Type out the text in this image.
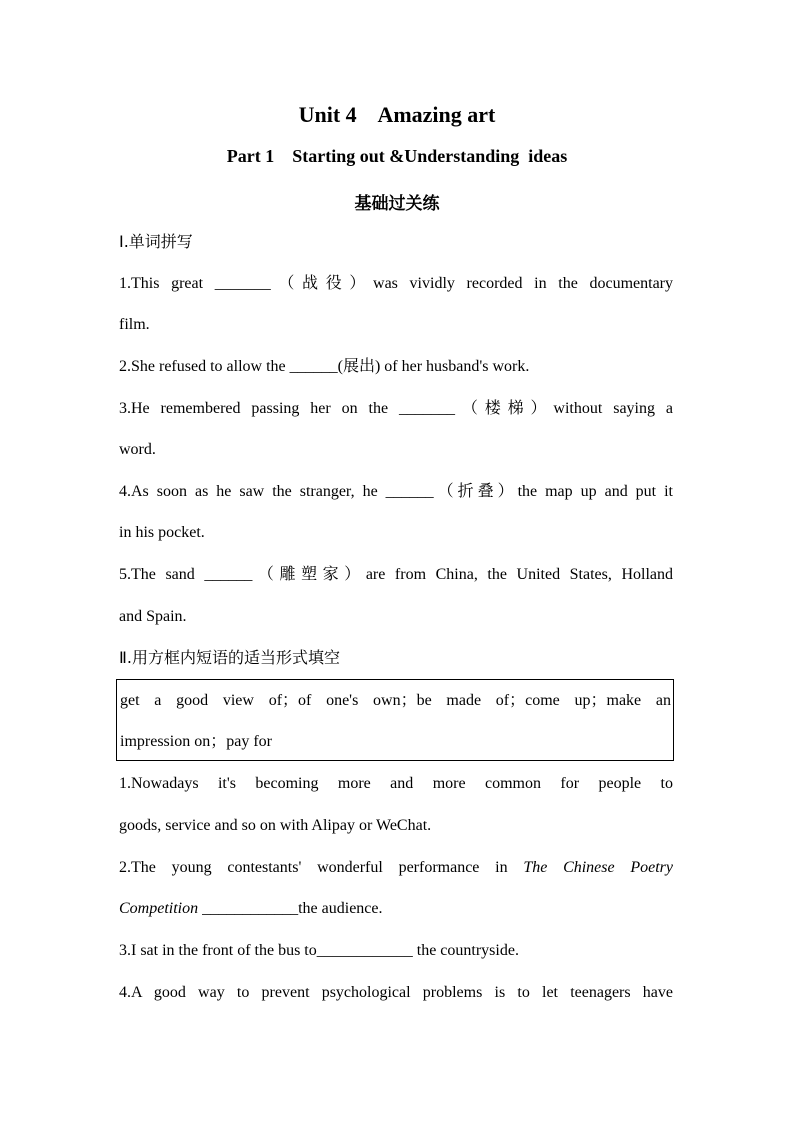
Unit 4    Amazing art
Part 1    Starting out &Understanding  ideas
基础过关练
Ⅰ.单词拼写
1.This great _______（战役）was vividly recorded in the documentary
film.
2.She refused to allow the ______(展出) of her husband's work.
3.He remembered passing her on the _______（楼梯）without saying a
word.
4.As soon as he saw the stranger, he ______（折叠）the map up and put it
in his pocket.
5.The sand ______（雕塑家）are from China, the United States, Holland
and Spain.
Ⅱ.用方框内短语的适当形式填空
get a good view of；of one's own；be made of；come up；make an
impression on；pay for
1.Nowadays it's becoming more and more common for people to
goods, service and so on with Alipay or WeChat.
2.The young contestants' wonderful performance in The Chinese Poetry
Competition ____________the audience.
3.I sat in the front of the bus to____________ the countryside.
4.A good way to prevent psychological problems is to let teenagers have
